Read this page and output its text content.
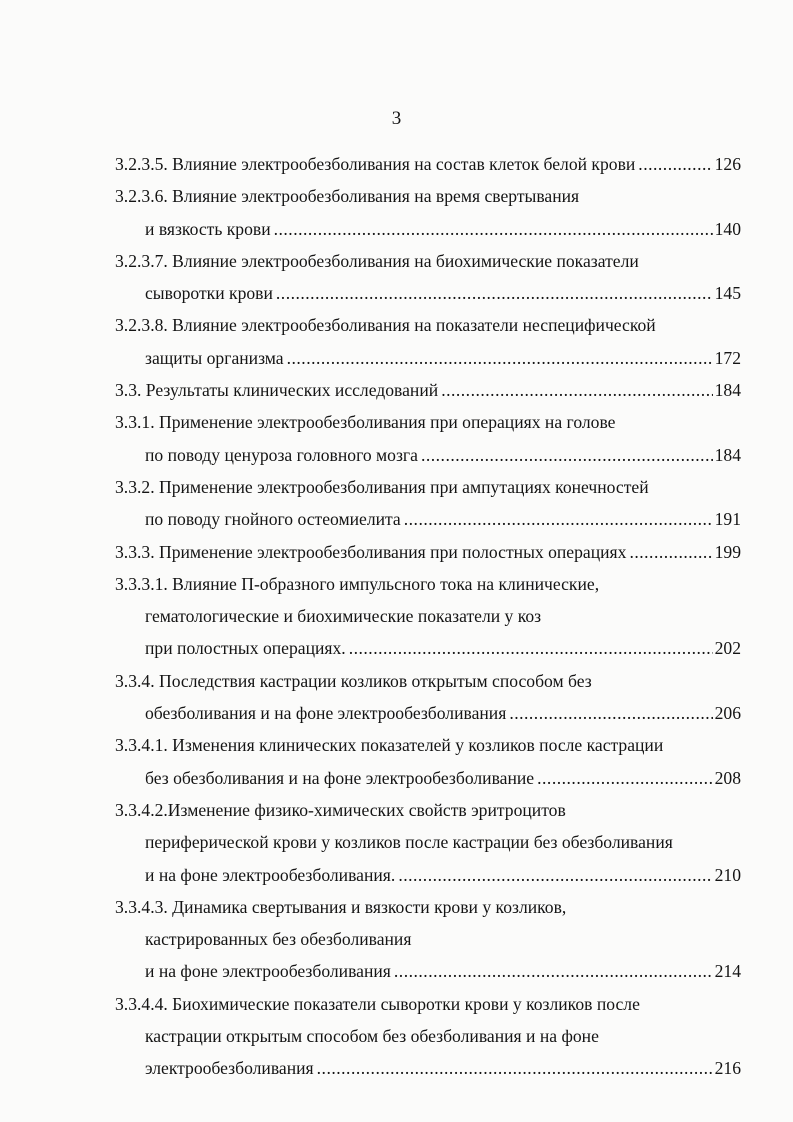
3
3.2.3.5. Влияние электрообезболивания на состав клеток белой крови .....	126
3.2.3.6. Влияние электрообезболивания на время свертывания
и вязкость крови .....	140
3.2.3.7. Влияние электрообезболивания на биохимические показатели
сыворотки крови .....	145
3.2.3.8. Влияние электрообезболивания на показатели неспецифической
защиты организма .....	172
3.3. Результаты клинических исследований .....	184
3.3.1. Применение электрообезболивания при операциях на голове
по поводу ценуроза головного мозга .....	184
3.3.2. Применение электрообезболивания при ампутациях конечностей
по поводу гнойного остеомиелита .....	191
3.3.3. Применение электрообезболивания при полостных операциях .....	199
3.3.3.1. Влияние П-образного импульсного тока на клинические,
гематологические и биохимические показатели у коз
при полостных операциях. .....	202
3.3.4. Последствия кастрации козликов открытым способом без
обезболивания и на фоне электрообезболивания .....	206
3.3.4.1. Изменения клинических показателей у козликов после кастрации
без обезболивания и на фоне электрообезболивание .....	208
3.3.4.2.Изменение физико-химических свойств эритроцитов
периферической крови у козликов после кастрации без обезболивания
и на фоне электрообезболивания. .....	210
3.3.4.3. Динамика свертывания и вязкости крови у козликов,
кастрированных без обезболивания
и на фоне электрообезболивания .....	214
3.3.4.4. Биохимические показатели сыворотки крови у козликов после
кастрации открытым способом без обезболивания и на фоне
электрообезболивания .....	216
